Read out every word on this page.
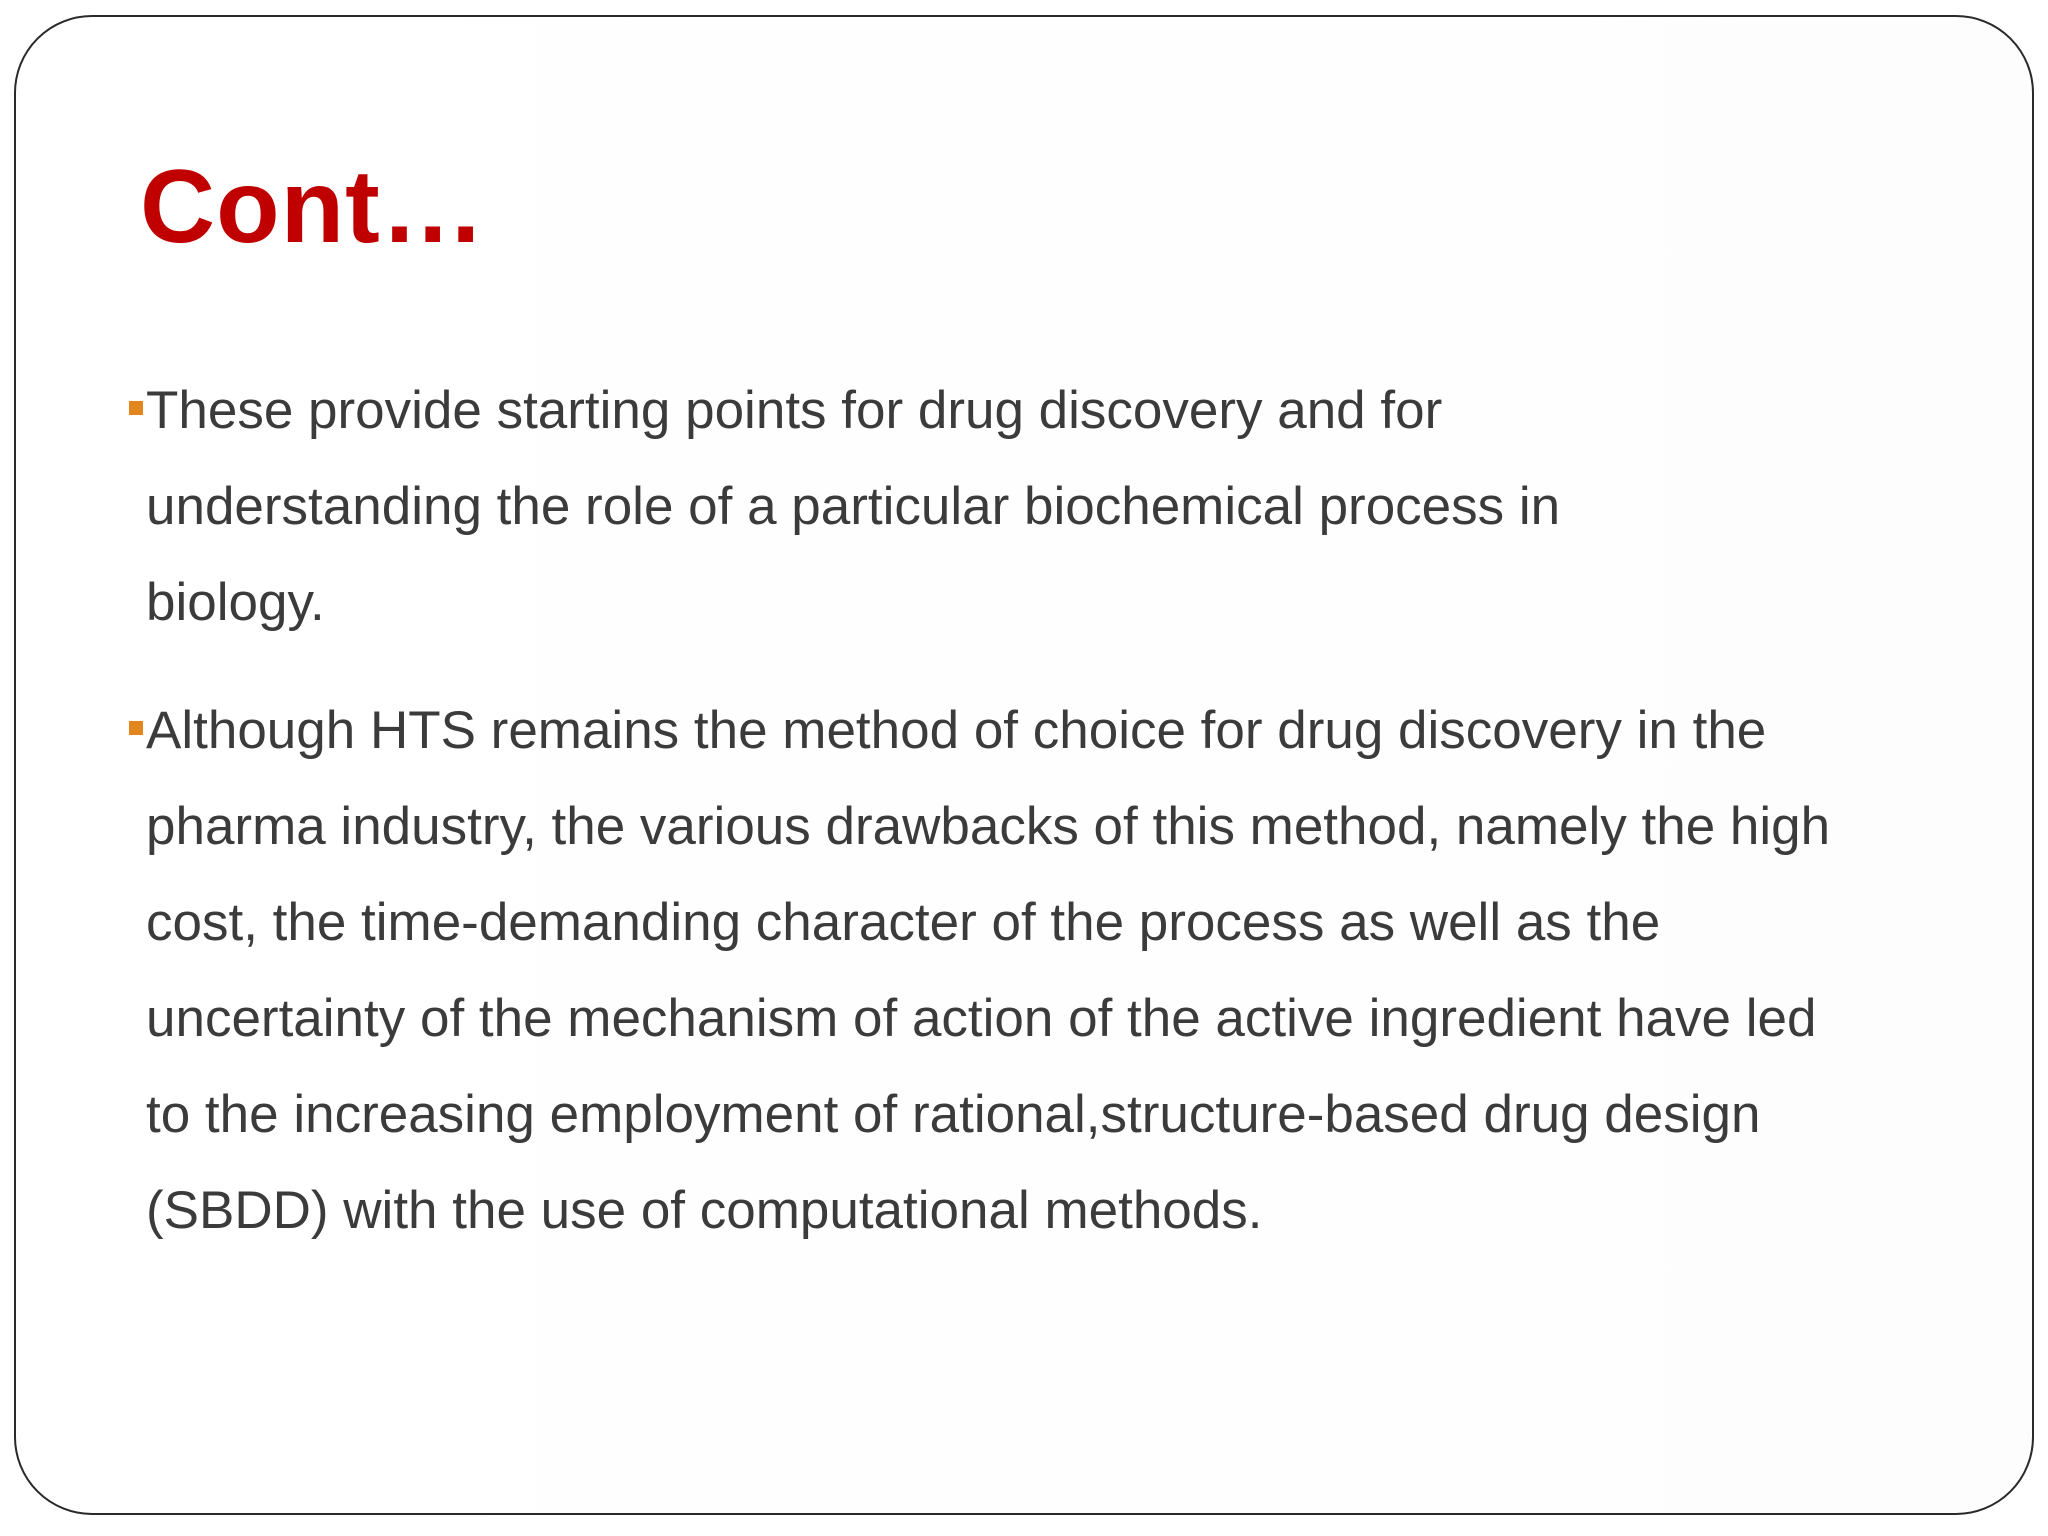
Cont…
These provide starting points for drug discovery and for
understanding the role of a particular biochemical process in
biology.
Although HTS remains the method of choice for drug discovery in the
pharma industry, the various drawbacks of this method, namely the high
cost, the time-demanding character of the process as well as the
uncertainty of the mechanism of action of the active ingredient have led
to the increasing employment of rational,structure-based drug design
(SBDD) with the use of computational methods.
